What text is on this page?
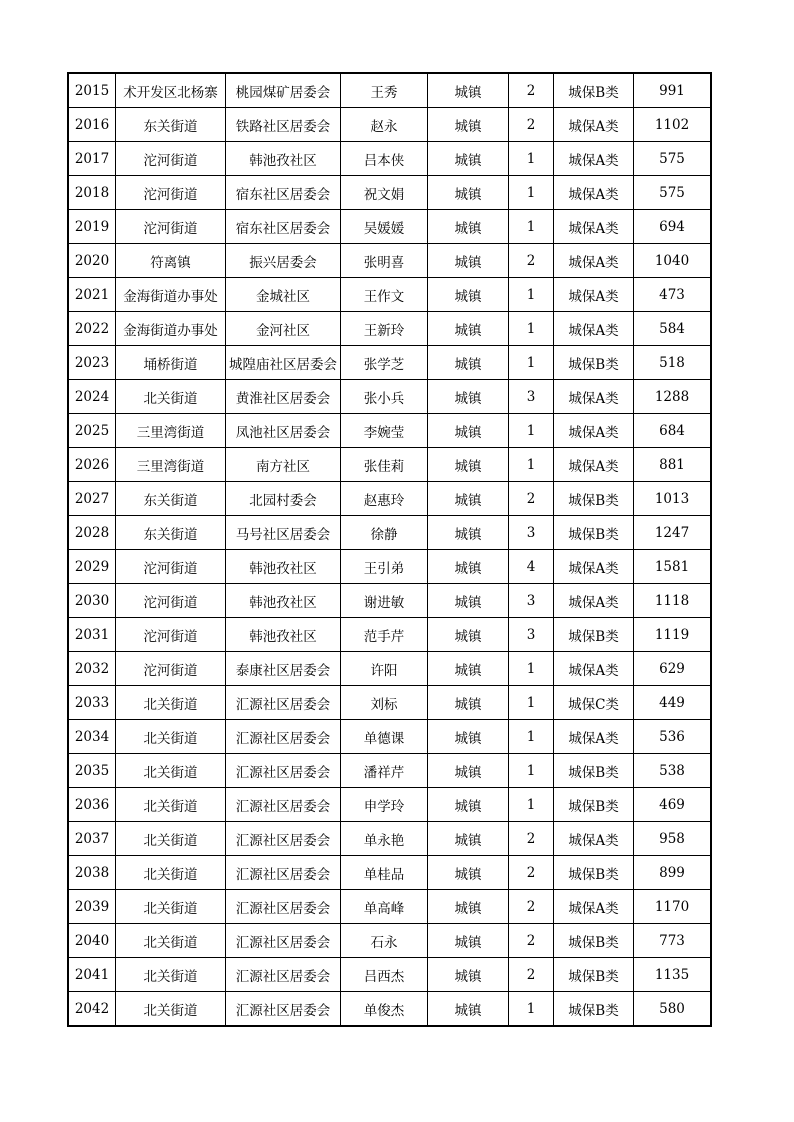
2015	术开发区北杨寨	桃园煤矿居委会	王秀	城镇	2	城保B类	991
2016	东关街道	铁路社区居委会	赵永	城镇	2	城保A类	1102
2017	沱河街道	韩池孜社区	吕本侠	城镇	1	城保A类	575
2018	沱河街道	宿东社区居委会	祝文娟	城镇	1	城保A类	575
2019	沱河街道	宿东社区居委会	吴媛媛	城镇	1	城保A类	694
2020	符离镇	振兴居委会	张明喜	城镇	2	城保A类	1040
2021	金海街道办事处	金城社区	王作文	城镇	1	城保A类	473
2022	金海街道办事处	金河社区	王新玲	城镇	1	城保A类	584
2023	埇桥街道	城隍庙社区居委会	张学芝	城镇	1	城保B类	518
2024	北关街道	黄淮社区居委会	张小兵	城镇	3	城保A类	1288
2025	三里湾街道	凤池社区居委会	李婉莹	城镇	1	城保A类	684
2026	三里湾街道	南方社区	张佳莉	城镇	1	城保A类	881
2027	东关街道	北园村委会	赵惠玲	城镇	2	城保B类	1013
2028	东关街道	马号社区居委会	徐静	城镇	3	城保B类	1247
2029	沱河街道	韩池孜社区	王引弟	城镇	4	城保A类	1581
2030	沱河街道	韩池孜社区	谢进敏	城镇	3	城保A类	1118
2031	沱河街道	韩池孜社区	范手芹	城镇	3	城保B类	1119
2032	沱河街道	泰康社区居委会	许阳	城镇	1	城保A类	629
2033	北关街道	汇源社区居委会	刘标	城镇	1	城保C类	449
2034	北关街道	汇源社区居委会	单德课	城镇	1	城保A类	536
2035	北关街道	汇源社区居委会	潘祥芹	城镇	1	城保B类	538
2036	北关街道	汇源社区居委会	申学玲	城镇	1	城保B类	469
2037	北关街道	汇源社区居委会	单永艳	城镇	2	城保A类	958
2038	北关街道	汇源社区居委会	单桂品	城镇	2	城保B类	899
2039	北关街道	汇源社区居委会	单高峰	城镇	2	城保A类	1170
2040	北关街道	汇源社区居委会	石永	城镇	2	城保B类	773
2041	北关街道	汇源社区居委会	吕西杰	城镇	2	城保B类	1135
2042	北关街道	汇源社区居委会	单俊杰	城镇	1	城保B类	580
